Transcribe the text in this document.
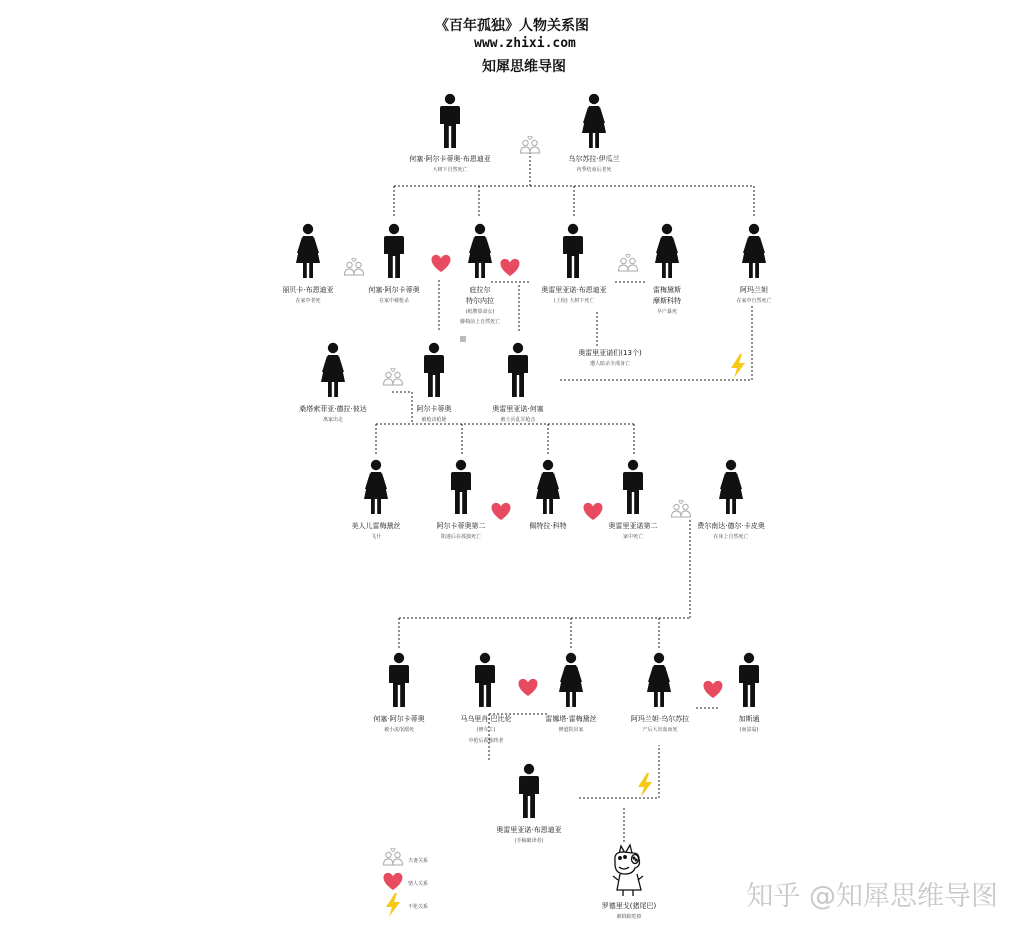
《百年孤独》人物关系图
www.zhixi.com
知犀思维导图
何塞·阿尔卡蒂奥·布恩迪亚
大树下自然死亡
乌尔苏拉·伊瓜兰
内季结束后老死
丽贝卡·布恩迪亚
在家中老死
何塞·阿尔卡蒂奥
在家中被枪杀
庇拉尔
特尔内拉
(纸牌算命女)
藤椅前上自然死亡
奥雷里亚诺·布恩迪亚
(上校) 大树下死亡
雷梅黛斯
摩斯科特
早产暴死
阿玛兰妲
在家中自然死亡
奥雷里亚诺们(13个)
遭人暗杀全部身亡
桑塔索菲亚·德拉·彼达
离家出走
阿尔卡蒂奥
被枪决枪毙
奥雷里亚诺·何塞
被士兵乱军枪击
美人儿雷梅黛丝
飞升
阿尔卡蒂奥第二
陷迷后在孤独死亡
佩特拉·科特	奥雷里亚诺第二
家中死亡
费尔南达·德尔·卡皮奥
在床上自然死亡
何塞·阿尔卡蒂奥
被小流氓溺死
马乌里肖·巴比伦
(修车工)
中枪后孤独终老
雷娜塔·雷梅黛丝
修道院出家
阿玛兰妲·乌尔苏拉
产后大出血而死
加斯通
(而富翁)
奥雷里亚诺·布恩迪亚
(手稿破译者)
罗德里戈(猪尾巴)
被蚂蚁吃掉
夫妻关系
情人关系
不伦关系	知乎 @知犀思维导图
